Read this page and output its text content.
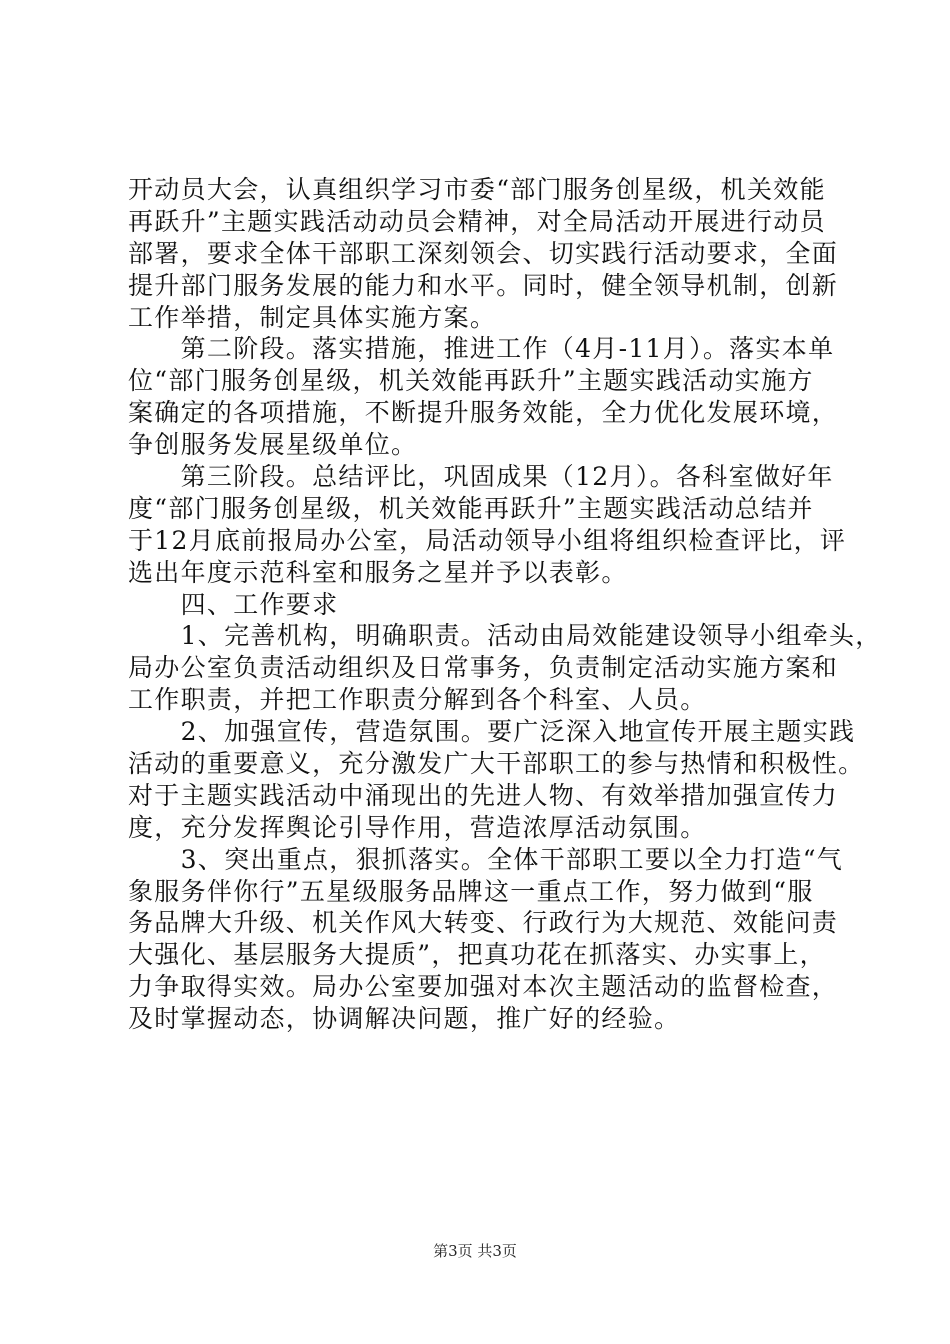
开动员大会，认真组织学习市委“部门服务创星级，机关效能
再跃升”主题实践活动动员会精神，对全局活动开展进行动员
部署，要求全体干部职工深刻领会、切实践行活动要求，全面
提升部门服务发展的能力和水平。同时，健全领导机制，创新
工作举措，制定具体实施方案。
　　第二阶段。落实措施，推进工作（4月-11月）。落实本单
位“部门服务创星级，机关效能再跃升”主题实践活动实施方
案确定的各项措施，不断提升服务效能，全力优化发展环境，
争创服务发展星级单位。
　　第三阶段。总结评比，巩固成果（12月）。各科室做好年
度“部门服务创星级，机关效能再跃升”主题实践活动总结并
于12月底前报局办公室，局活动领导小组将组织检查评比，评
选出年度示范科室和服务之星并予以表彰。
　　四、工作要求
　　1、完善机构，明确职责。活动由局效能建设领导小组牵头，
局办公室负责活动组织及日常事务，负责制定活动实施方案和
工作职责，并把工作职责分解到各个科室、人员。
　　2、加强宣传，营造氛围。要广泛深入地宣传开展主题实践
活动的重要意义，充分激发广大干部职工的参与热情和积极性。
对于主题实践活动中涌现出的先进人物、有效举措加强宣传力
度，充分发挥舆论引导作用，营造浓厚活动氛围。
　　3、突出重点，狠抓落实。全体干部职工要以全力打造“气
象服务伴你行”五星级服务品牌这一重点工作，努力做到“服
务品牌大升级、机关作风大转变、行政行为大规范、效能问责
大强化、基层服务大提质”，把真功花在抓落实、办实事上，
力争取得实效。局办公室要加强对本次主题活动的监督检查，
及时掌握动态，协调解决问题，推广好的经验。
第3页 共3页
